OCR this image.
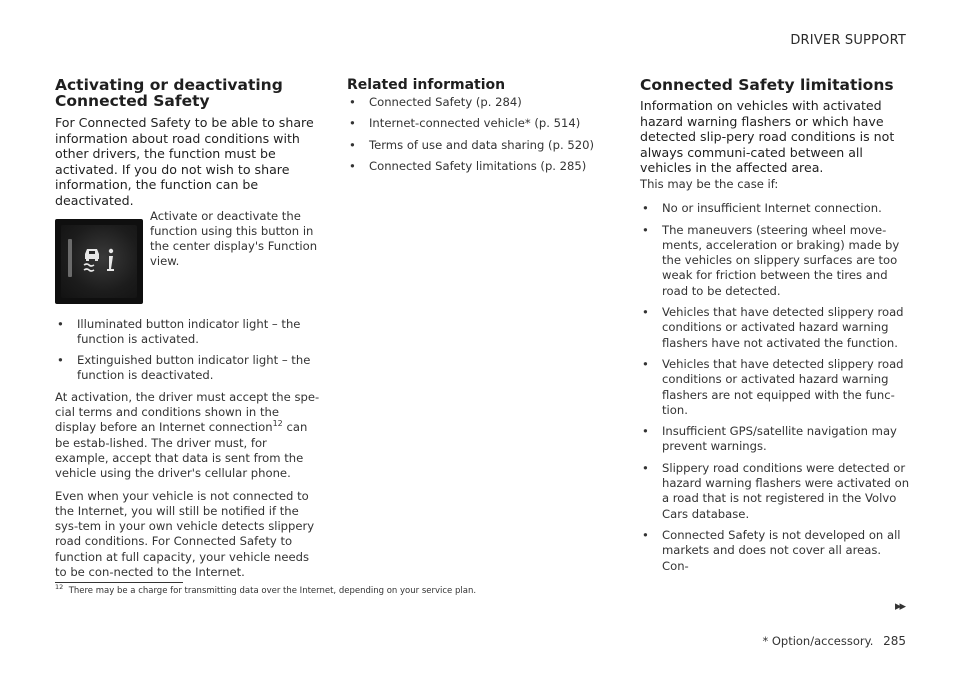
DRIVER SUPPORT
Activating or deactivating Connected Safety

For Connected Safety to be able to share information about road conditions with other drivers, the function must be activated. If you do not wish to share information, the function can be deactivated.

Activate or deactivate the function using this button in the center display's Function view.
• Illuminated button indicator light – the function is activated.
• Extinguished button indicator light – the function is deactivated.

At activation, the driver must accept the spe-cial terms and conditions shown in the display before an Internet connection$^{12}$ can be estab-lished. The driver must, for example, accept that data is sent from the vehicle using the driver's cellular phone.

Even when your vehicle is not connected to the Internet, you will still be notified if the sys-tem in your own vehicle detects slippery road conditions. For Connected Safety to function at full capacity, your vehicle needs to be con-nected to the Internet.

Related information
• Connected Safety (p. 284)
• Internet-connected vehicle* (p. 514)
• Terms of use and data sharing (p. 520)
• Connected Safety limitations (p. 285)
Connected Safety limitations

Information on vehicles with activated hazard warning flashers or which have detected slip-pery road conditions is not always communi-cated between all vehicles in the affected area.

This may be the case if:

• No or insufficient Internet connection.
• The maneuvers (steering wheel move-ments, acceleration or braking) made by the vehicles on slippery surfaces are too weak for friction between the tires and road to be detected.
• Vehicles that have detected slippery road conditions or activated hazard warning flashers have not activated the function.
• Vehicles that have detected slippery road conditions or activated hazard warning flashers are not equipped with the func-tion.
• Insufficient GPS/satellite navigation may prevent warnings.
• Slippery road conditions were detected or hazard warning flashers were activated on a road that is not registered in the Volvo Cars database.
• Connected Safety is not developed on all markets and does not cover all areas. Con-
$^{12}$ There may be a charge for transmitting data over the Internet, depending on your service plan.
▸▸
* Option/accessory. 285
